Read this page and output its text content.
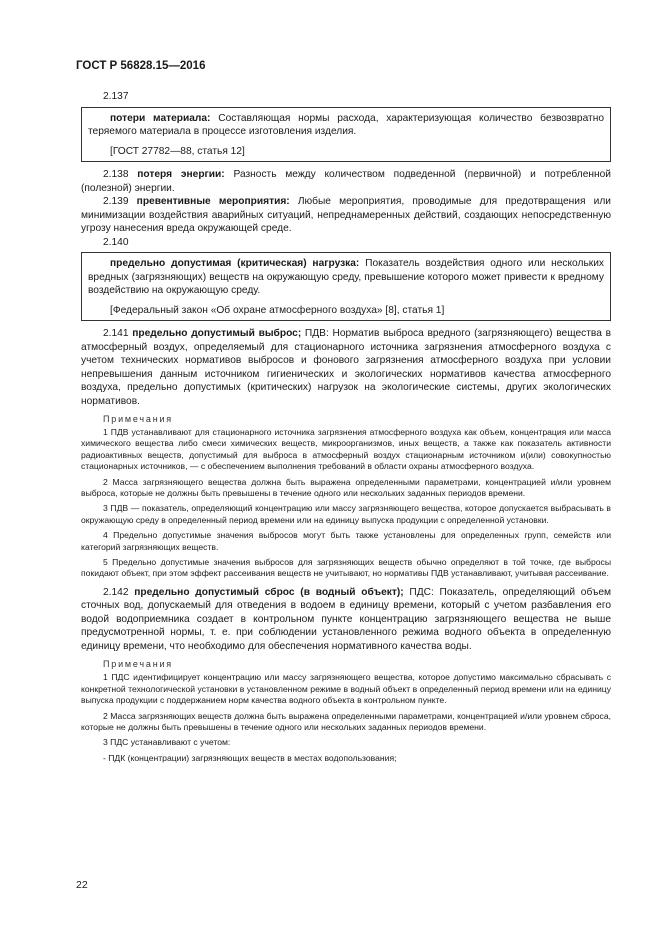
ГОСТ Р 56828.15—2016
2.137

потери материала: Составляющая нормы расхода, характеризующая количество безвозвратно теряемого материала в процессе изготовления изделия.

[ГОСТ 27782—88, статья 12]

2.138 потеря энергии: Разность между количеством подведенной (первичной) и потребленной (полезной) энергии.

2.139 превентивные мероприятия: Любые мероприятия, проводимые для предотвращения или минимизации воздействия аварийных ситуаций, непреднамеренных действий, создающих непосредственную угрозу нанесения вреда окружающей среде.

2.140

предельно допустимая (критическая) нагрузка: Показатель воздействия одного или нескольких вредных (загрязняющих) веществ на окружающую среду, превышение которого может привести к вредному воздействию на окружающую среду.

[Федеральный закон «Об охране атмосферного воздуха» [8], статья 1]

2.141 предельно допустимый выброс; ПДВ: Норматив выброса вредного (загрязняющего) вещества в атмосферный воздух, определяемый для стационарного источника загрязнения атмосферного воздуха с учетом технических нормативов выбросов и фонового загрязнения атмосферного воздуха при условии непревышения данным источником гигиенических и экологических нормативов качества атмосферного воздуха, предельно допустимых (критических) нагрузок на экологические системы, других экологических нормативов.

Примечания

1 ПДВ устанавливают для стационарного источника загрязнения атмосферного воздуха как объем, концентрация или масса химического вещества либо смеси химических веществ, микроорганизмов, иных веществ, а также как показатель активности радиоактивных веществ, допустимый для выброса в атмосферный воздух стационарным источником и(или) совокупностью стационарных источников, — с обеспечением выполнения требований в области охраны атмосферного воздуха.

2 Масса загрязняющего вещества должна быть выражена определенными параметрами, концентрацией и/или уровнем выброса, которые не должны быть превышены в течение одного или нескольких заданных периодов времени.

3 ПДВ — показатель, определяющий концентрацию или массу загрязняющего вещества, которое допускается выбрасывать в окружающую среду в определенный период времени или на единицу выпуска продукции с определенной установки.

4 Предельно допустимые значения выбросов могут быть также установлены для определенных групп, семейств или категорий загрязняющих веществ.

5 Предельно допустимые значения выбросов для загрязняющих веществ обычно определяют в той точке, где выбросы покидают объект, при этом эффект рассеивания веществ не учитывают, но нормативы ПДВ устанавливают, учитывая рассеивание.

2.142 предельно допустимый сброс (в водный объект); ПДС: Показатель, определяющий объем сточных вод, допускаемый для отведения в водоем в единицу времени, который с учетом разбавления его водой водоприемника создает в контрольном пункте концентрацию загрязняющего вещества не выше предусмотренной нормы, т. е. при соблюдении установленного режима водного объекта в определенную единицу времени, что необходимо для обеспечения нормативного качества воды.

Примечания

1 ПДС идентифицирует концентрацию или массу загрязняющего вещества, которое допустимо максимально сбрасывать с конкретной технологической установки в установленном режиме в водный объект в определенный период времени или на единицу выпуска продукции с поддержанием норм качества водного объекта в контрольном пункте.

2 Масса загрязняющих веществ должна быть выражена определенными параметрами, концентрацией и/или уровнем сброса, которые не должны быть превышены в течение одного или нескольких заданных периодов времени.

3 ПДС устанавливают с учетом:

- ПДК (концентрации) загрязняющих веществ в местах водопользования;

22
